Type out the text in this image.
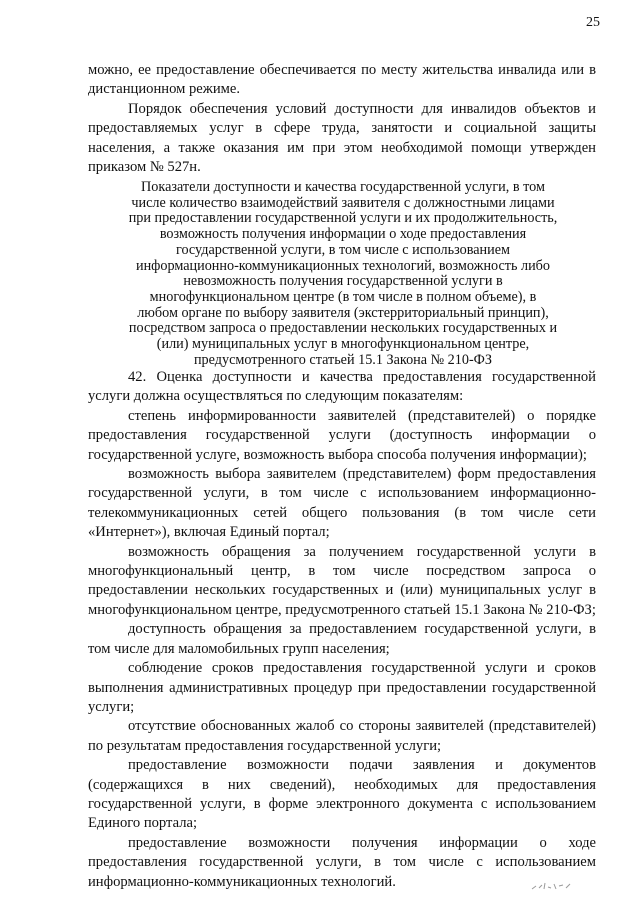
25

можно, ее предоставление обеспечивается по месту жительства инвалида или в дистанционном режиме.

Порядок обеспечения условий доступности для инвалидов объектов и предоставляемых услуг в сфере труда, занятости и социальной защиты населения, а также оказания им при этом необходимой помощи утвержден приказом № 527н.

Показатели доступности и качества государственной услуги, в том числе количество взаимодействий заявителя с должностными лицами при предоставлении государственной услуги и их продолжительность, возможность получения информации о ходе предоставления государственной услуги, в том числе с использованием информационно-коммуникационных технологий, возможность либо невозможность получения государственной услуги в многофункциональном центре (в том числе в полном объеме), в любом органе по выбору заявителя (экстерриториальный принцип), посредством запроса о предоставлении нескольких государственных и (или) муниципальных услуг в многофункциональном центре, предусмотренного статьей 15.1 Закона № 210-ФЗ

42. Оценка доступности и качества предоставления государственной услуги должна осуществляться по следующим показателям:

степень информированности заявителей (представителей) о порядке предоставления государственной услуги (доступность информации о государственной услуге, возможность выбора способа получения информации);

возможность выбора заявителем (представителем) форм предоставления государственной услуги, в том числе с использованием информационно-телекоммуникационных сетей общего пользования (в том числе сети «Интернет»), включая Единый портал;

возможность обращения за получением государственной услуги в многофункциональный центр, в том числе посредством запроса о предоставлении нескольких государственных и (или) муниципальных услуг в многофункциональном центре, предусмотренного статьей 15.1 Закона № 210-ФЗ;

доступность обращения за предоставлением государственной услуги, в том числе для маломобильных групп населения;

соблюдение сроков предоставления государственной услуги и сроков выполнения административных процедур при предоставлении государственной услуги;

отсутствие обоснованных жалоб со стороны заявителей (представителей) по результатам предоставления государственной услуги;

предоставление возможности подачи заявления и документов (содержащихся в них сведений), необходимых для предоставления государственной услуги, в форме электронного документа с использованием Единого портала;

предоставление возможности получения информации о ходе предоставления государственной услуги, в том числе с использованием информационно-коммуникационных технологий.
